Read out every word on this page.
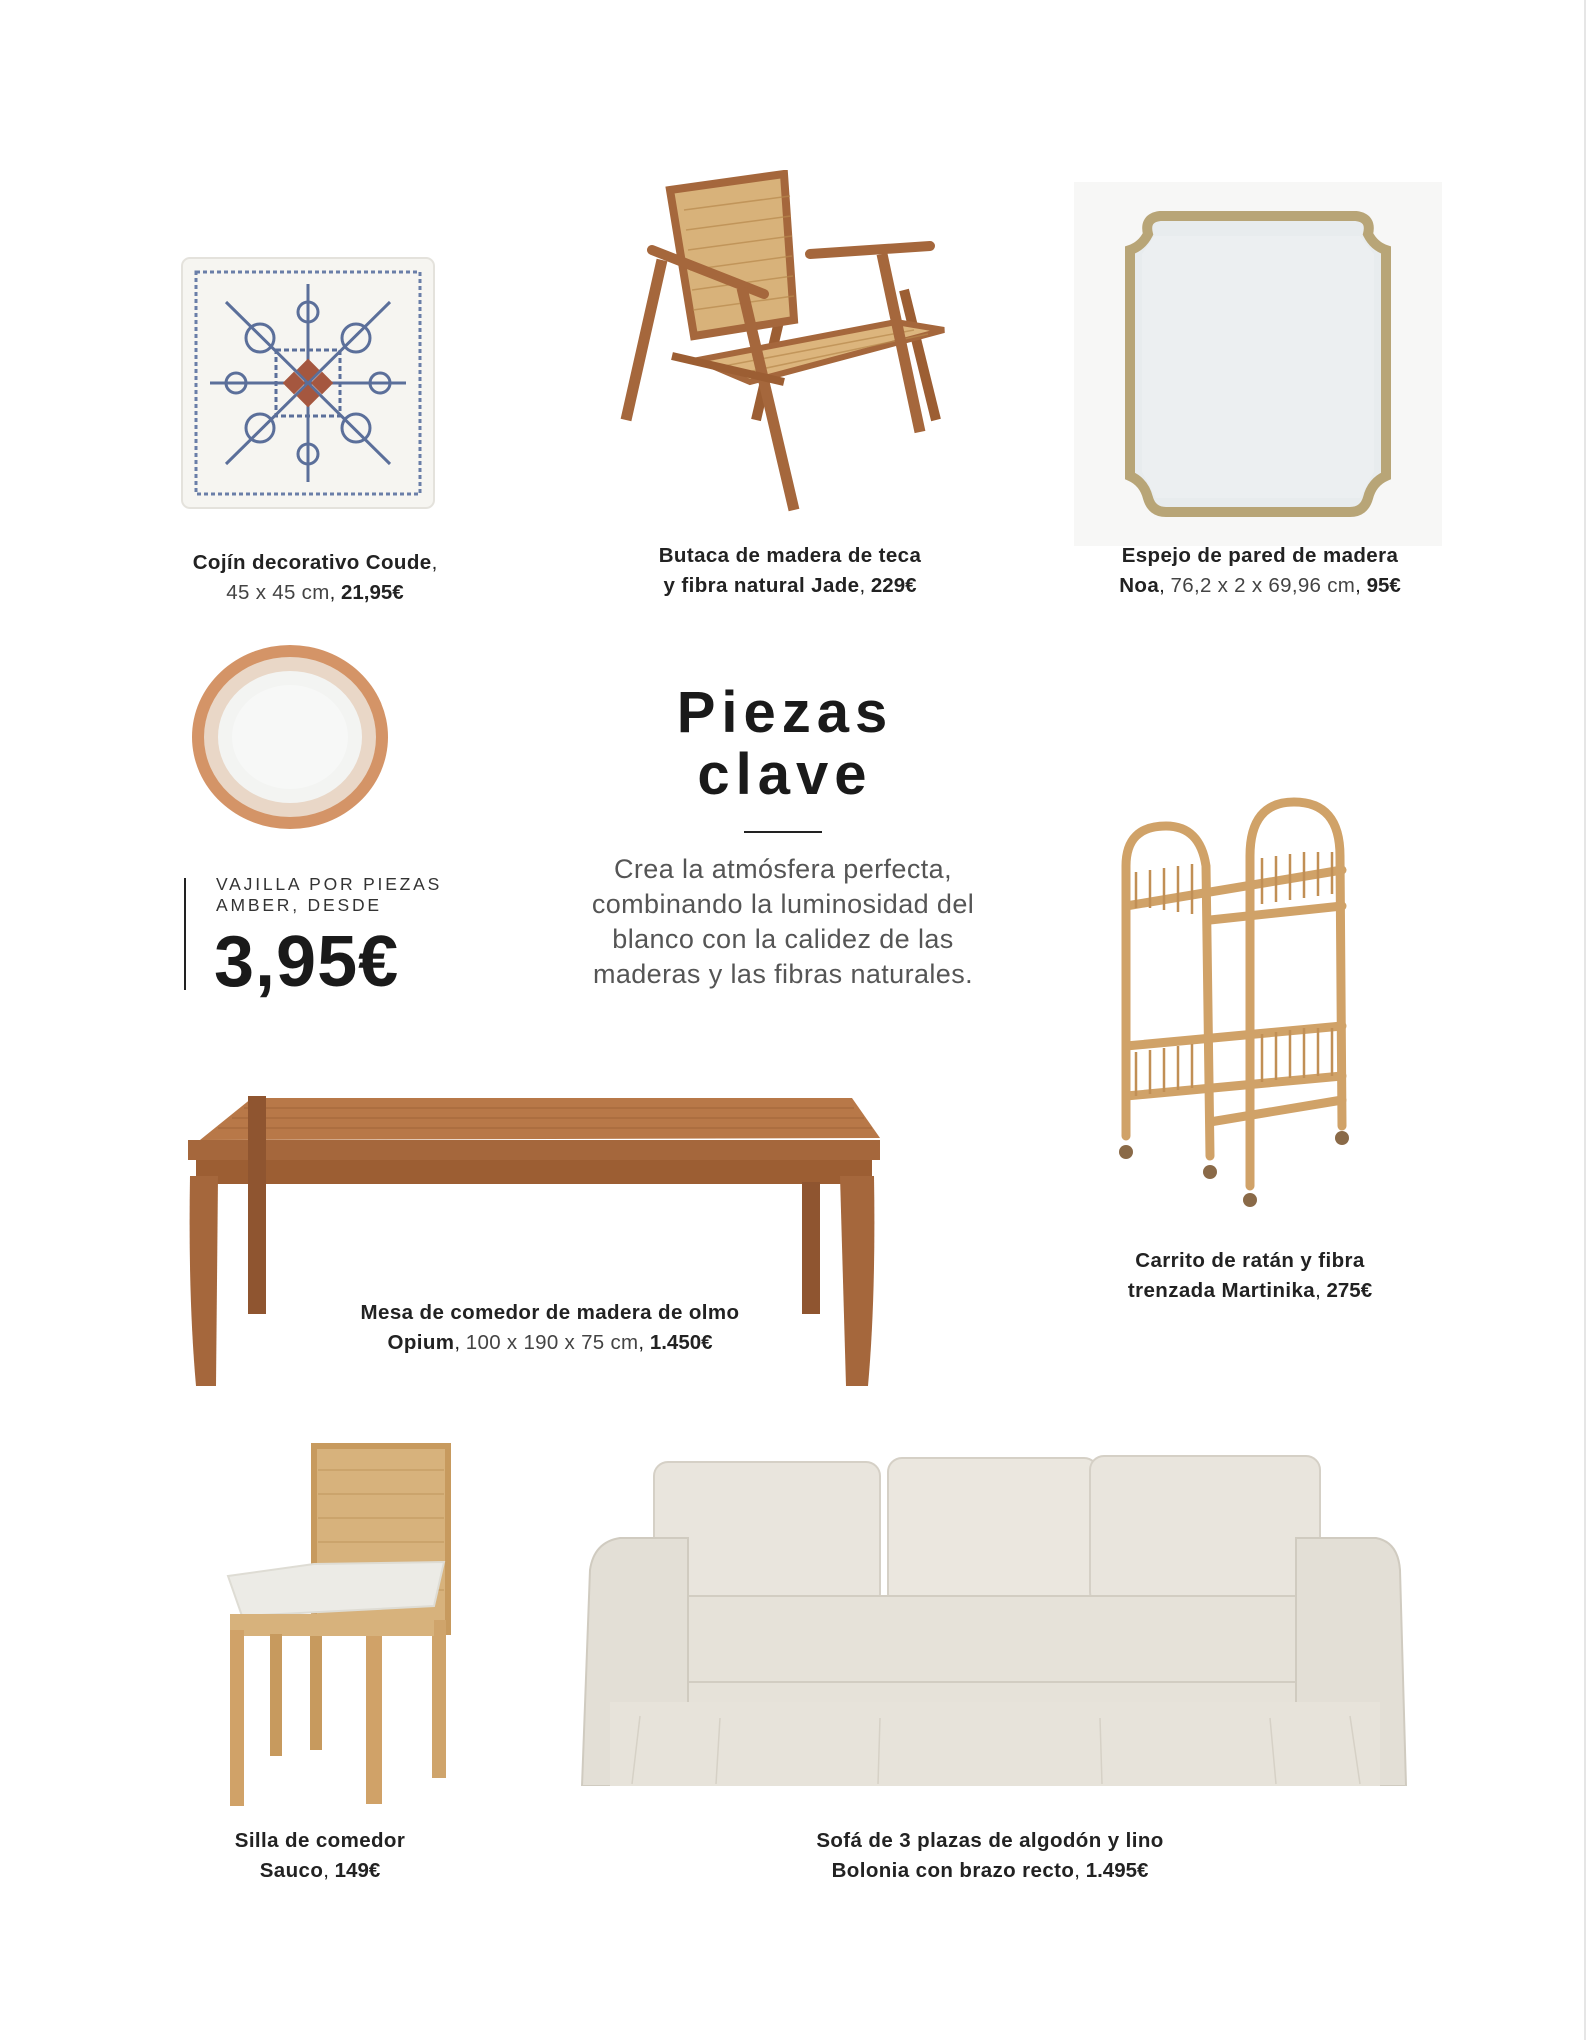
Cojín decorativo Coude,
45 x 45 cm, 21,95€
Butaca de madera de teca
y fibra natural Jade, 229€
Espejo de pared de madera
Noa, 76,2 x 2 x 69,96 cm, 95€
VAJILLA POR PIEZAS
AMBER, DESDE
3,95€
Piezas
clave
Crea la atmósfera perfecta, combinando la luminosidad del blanco con la calidez de las maderas y las fibras naturales.
Carrito de ratán y fibra
trenzada Martinika, 275€
Mesa de comedor de madera de olmo
Opium, 100 x 190 x 75 cm, 1.450€
Silla de comedor
Sauco, 149€
Sofá de 3 plazas de algodón y lino
Bolonia con brazo recto, 1.495€
